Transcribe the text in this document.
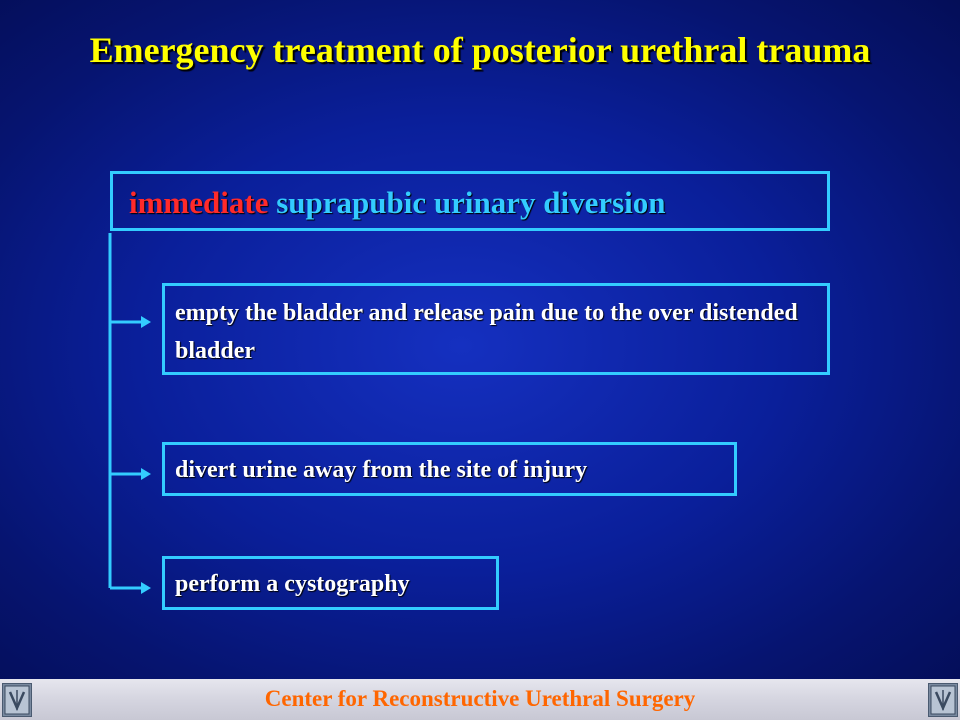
Emergency treatment of posterior urethral trauma
immediate suprapubic urinary diversion
empty the bladder and release pain due to the over distended bladder
divert urine away from the site of injury
perform a cystography
Center for Reconstructive Urethral Surgery
